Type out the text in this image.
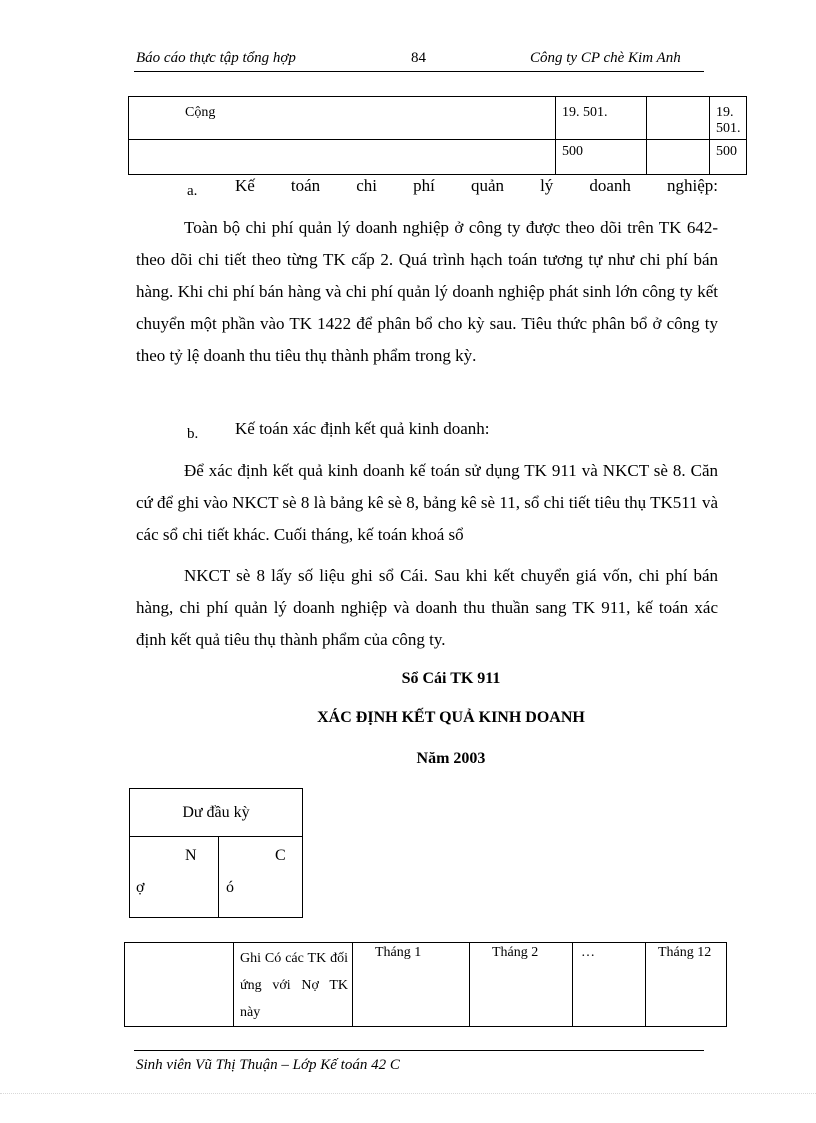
Báo cáo thực tập tổng hợp	84	Công ty CP chè Kim Anh
Cộng	19. 501.		19. 501.
	500		500
a. Kế toán chi phí quản lý doanh nghiệp:

Toàn bộ chi phí quản lý doanh nghiệp ở công ty được theo dõi trên TK 642- theo dõi chi tiết theo từng TK cấp 2. Quá trình hạch toán tương tự như chi phí bán hàng. Khi chi phí bán hàng và chi phí quản lý doanh nghiệp phát sinh lớn công ty kết chuyển một phần vào TK 1422 để phân bổ cho kỳ sau. Tiêu thức phân bổ ở công ty theo tỷ lệ doanh thu tiêu thụ thành phẩm trong kỳ.

b. Kế toán xác định kết quả kinh doanh:

Để xác định kết quả kinh doanh kế toán sử dụng TK 911 và NKCT sè 8. Căn cứ để ghi vào NKCT sè 8 là bảng kê sè 8, bảng kê sè 11, sổ chi tiết tiêu thụ TK511 và các sổ chi tiết khác. Cuối tháng, kế toán khoá sổ

NKCT sè 8 lấy số liệu ghi sổ Cái. Sau khi kết chuyển giá vốn, chi phí bán hàng, chi phí quản lý doanh nghiệp và doanh thu thuần sang TK 911, kế toán xác định kết quả tiêu thụ thành phẩm của công ty.

Sổ Cái TK 911
XÁC ĐỊNH KẾT QUẢ KINH DOANH
Năm 2003
Dư đầu kỳ

N
ợ

C
ó
	Ghi Có các TK đối ứng với Nợ TK này	Tháng 1	Tháng 2	…	Tháng 12
Sinh viên Vũ Thị Thuận – Lớp Kế toán 42 C
